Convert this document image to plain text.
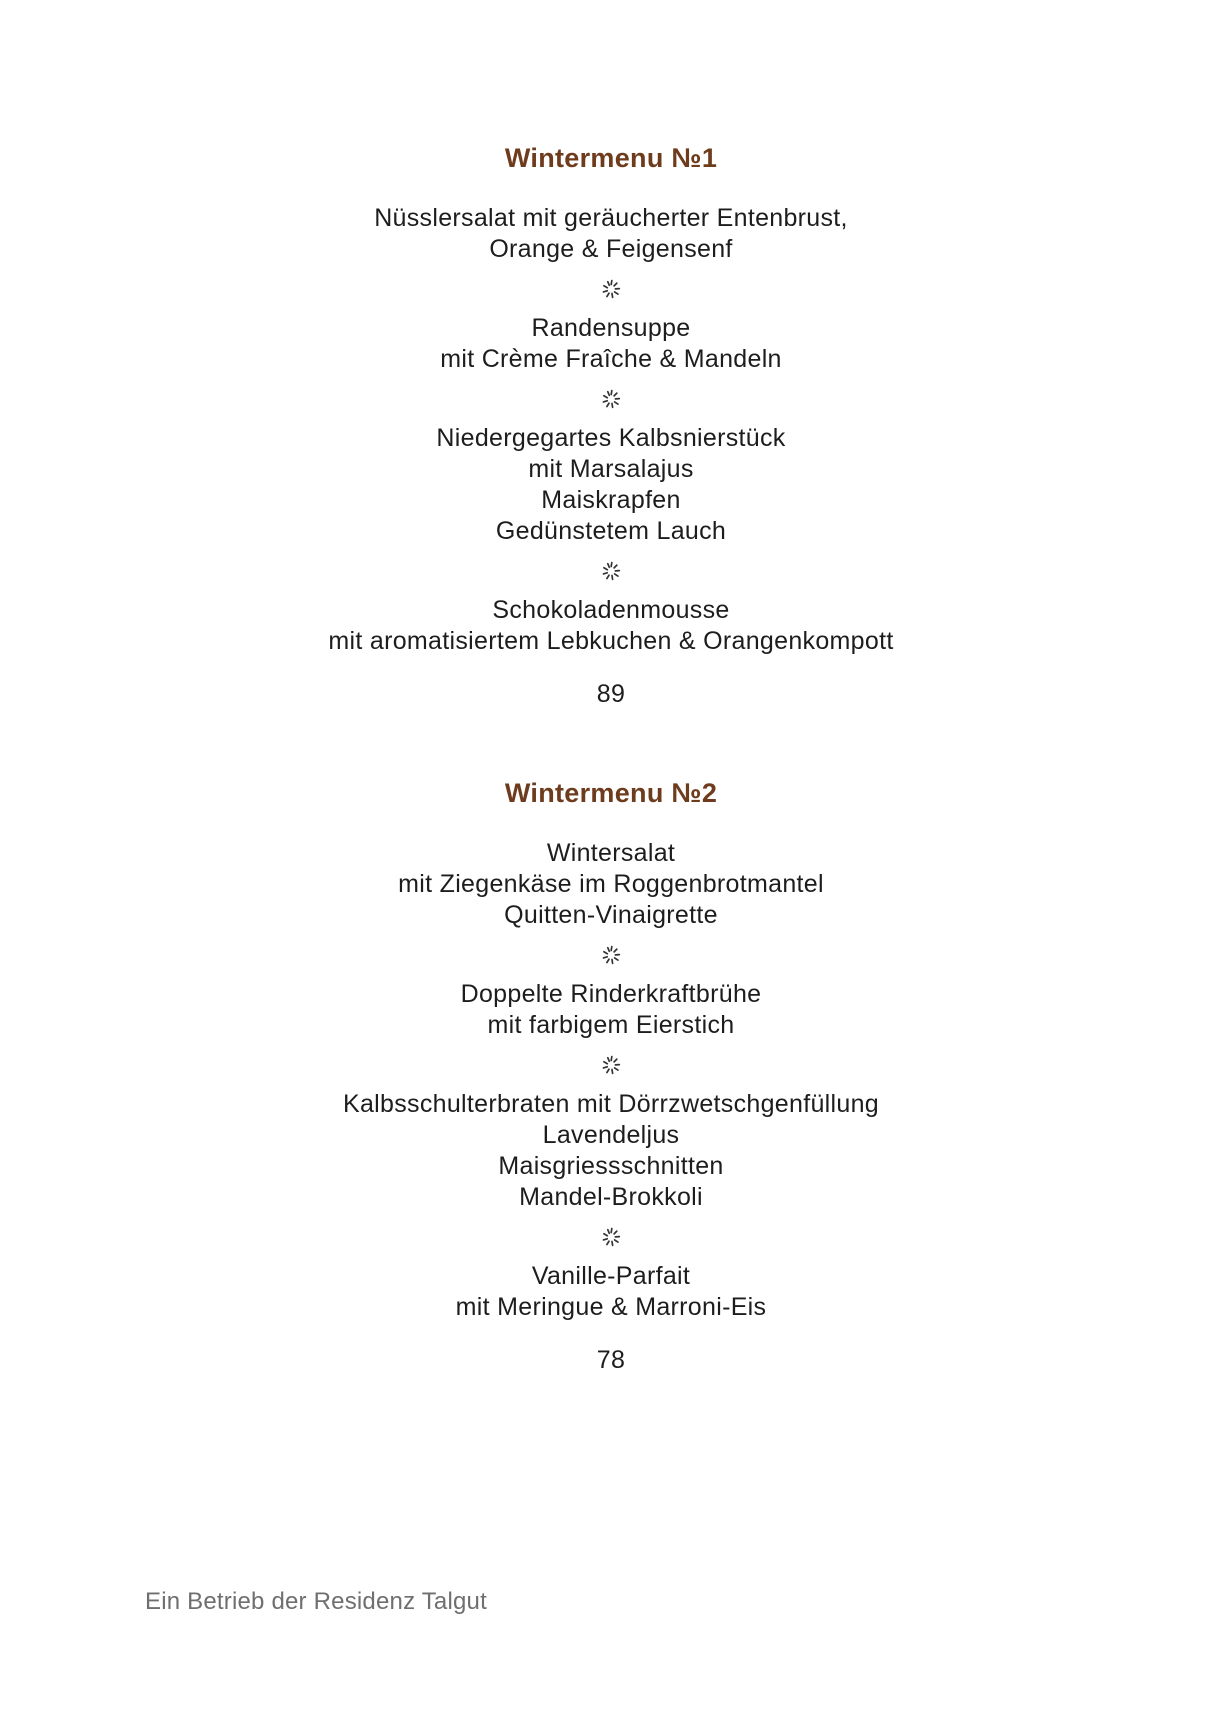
Wintermenu №1
Nüsslersalat mit geräucherter Entenbrust,
Orange & Feigensenf
Randensuppe
mit Crème Fraîche & Mandeln
Niedergegartes Kalbsnierstück
mit Marsalajus
Maiskrapfen
Gedünstetem Lauch
Schokoladenmousse
mit aromatisiertem Lebkuchen & Orangenkompott
89
Wintermenu №2
Wintersalat
mit Ziegenkäse im Roggenbrotmantel
Quitten-Vinaigrette
Doppelte Rinderkraftbrühe
mit farbigem Eierstich
Kalbsschulterbraten mit Dörrzwetschgenfüllung
Lavendeljus
Maisgriessschnitten
Mandel-Brokkoli
Vanille-Parfait
mit Meringue & Marroni-Eis
78
Ein Betrieb der Residenz Talgut
